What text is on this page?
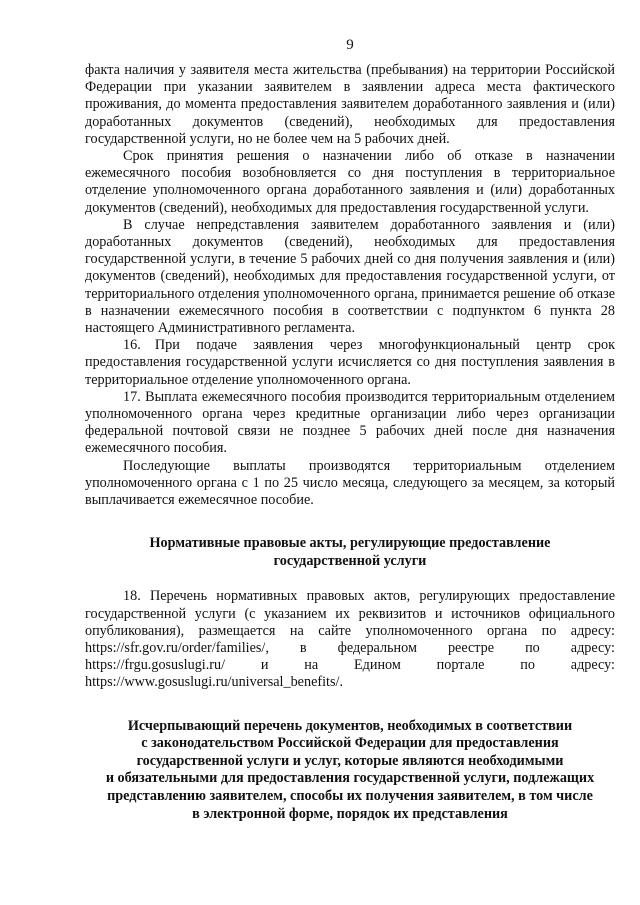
9

факта наличия у заявителя места жительства (пребывания) на территории Российской Федерации при указании заявителем в заявлении адреса места фактического проживания, до момента предоставления заявителем доработанного заявления и (или) доработанных документов (сведений), необходимых для предоставления государственной услуги, но не более чем на 5 рабочих дней.

Срок принятия решения о назначении либо об отказе в назначении ежемесячного пособия возобновляется со дня поступления в территориальное отделение уполномоченного органа доработанного заявления и (или) доработанных документов (сведений), необходимых для предоставления государственной услуги.

В случае непредставления заявителем доработанного заявления и (или) доработанных документов (сведений), необходимых для предоставления государственной услуги, в течение 5 рабочих дней со дня получения заявления и (или) документов (сведений), необходимых для предоставления государственной услуги, от территориального отделения уполномоченного органа, принимается решение об отказе в назначении ежемесячного пособия в соответствии с подпунктом 6 пункта 28 настоящего Административного регламента.

16. При подаче заявления через многофункциональный центр срок предоставления государственной услуги исчисляется со дня поступления заявления в территориальное отделение уполномоченного органа.

17. Выплата ежемесячного пособия производится территориальным отделением уполномоченного органа через кредитные организации либо через организации федеральной почтовой связи не позднее 5 рабочих дней после дня назначения ежемесячного пособия.

Последующие выплаты производятся территориальным отделением уполномоченного органа с 1 по 25 число месяца, следующего за месяцем, за который выплачивается ежемесячное пособие.

Нормативные правовые акты, регулирующие предоставление
государственной услуги

18. Перечень нормативных правовых актов, регулирующих предоставление государственной услуги (с указанием их реквизитов и источников официального опубликования), размещается на сайте уполномоченного органа по адресу: https://sfr.gov.ru/order/families/, в федеральном реестре по адресу: https://frgu.gosuslugi.ru/ и на Едином портале по адресу: https://www.gosuslugi.ru/universal_benefits/.

Исчерпывающий перечень документов, необходимых в соответствии
с законодательством Российской Федерации для предоставления
государственной услуги и услуг, которые являются необходимыми
и обязательными для предоставления государственной услуги, подлежащих
представлению заявителем, способы их получения заявителем, в том числе
в электронной форме, порядок их представления
